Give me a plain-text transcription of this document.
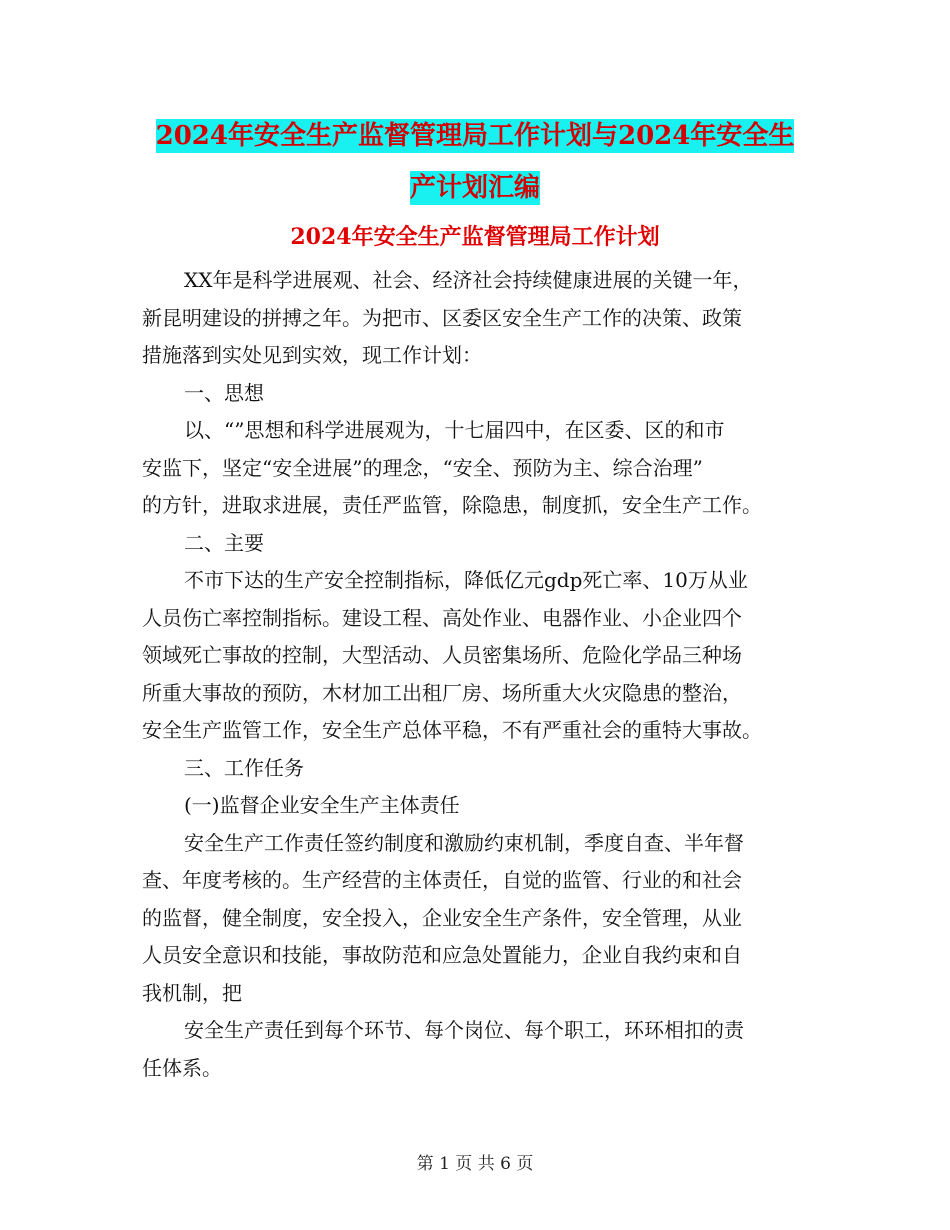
2024年安全生产监督管理局工作计划与2024年安全生
产计划汇编
2024年安全生产监督管理局工作计划
XX年是科学进展观、社会、经济社会持续健康进展的关键一年，
新昆明建设的拼搏之年。为把市、区委区安全生产工作的决策、政策
措施落到实处见到实效，现工作计划：
一、思想
以、“”思想和科学进展观为，十七届四中，在区委、区的和市
安监下，坚定“安全进展”的理念，“安全、预防为主、综合治理”
的方针，进取求进展，责任严监管，除隐患，制度抓，安全生产工作。
二、主要
不市下达的生产安全控制指标，降低亿元gdp死亡率、10万从业
人员伤亡率控制指标。建设工程、高处作业、电器作业、小企业四个
领域死亡事故的控制，大型活动、人员密集场所、危险化学品三种场
所重大事故的预防，木材加工出租厂房、场所重大火灾隐患的整治，
安全生产监管工作，安全生产总体平稳，不有严重社会的重特大事故。
三、工作任务
(一)监督企业安全生产主体责任
安全生产工作责任签约制度和激励约束机制，季度自查、半年督
查、年度考核的。生产经营的主体责任，自觉的监管、行业的和社会
的监督，健全制度，安全投入，企业安全生产条件，安全管理，从业
人员安全意识和技能，事故防范和应急处置能力，企业自我约束和自
我机制，把
安全生产责任到每个环节、每个岗位、每个职工，环环相扣的责
任体系。
第 1 页 共 6 页
